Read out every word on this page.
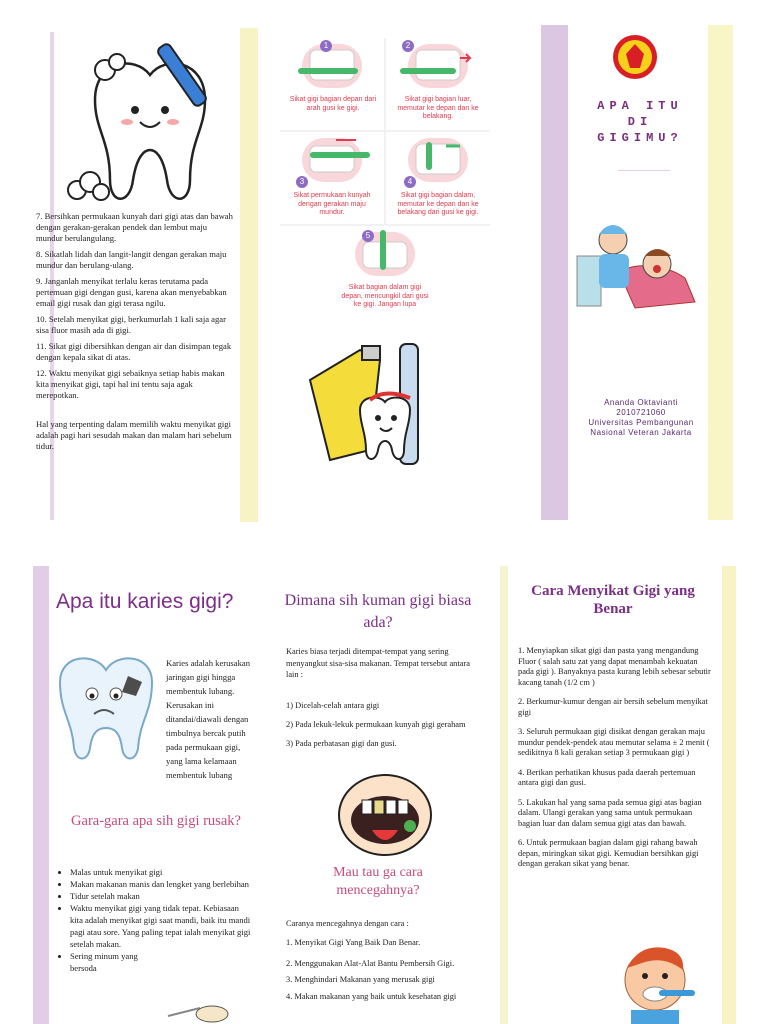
7. Bersihkan permukaan kunyah dari gigi atas dan bawah dengan gerakan-gerakan pendek dan lembut maju mundur berulangulang.
8. Sikatlah lidah dan langit-langit dengan gerakan maju mundur dan berulang-ulang.
9. Janganlah menyikat terlalu keras terutama pada pertemuan gigi dengan gusi, karena akan menyebabkan email gigi rusak dan gigi terasa ngilu.
10. Setelah menyikat gigi, berkumurlah 1 kali saja agar sisa fluor masih ada di gigi.
11. Sikat gigi dibersihkan dengan air dan disimpan tegak dengan kepala sikat di atas.
12. Waktu menyikat gigi sebaiknya setiap habis makan kita menyikat gigi, tapi hal ini tentu saja agak merepotkan.
Hal yang terpenting dalam memilih waktu menyikat gigi adalah pagi hari sesudah makan dan malam hari sebelum tidur.
1
Sikat gigi bagian depan dari arah gusi ke gigi.
2
Sikat gigi bagian luar, memutar ke depan dan ke belakang.
3
Sikat permukaan kunyah dengan gerakan maju mundur.
4
Sikat gigi bagian dalam, memutar ke depan dan ke belakang dari gusi ke gigi.
5
Sikat bagian dalam gigi depan, mencungkil dari gusi ke gigi. Jangan lupa
APA ITU
DI
GIGIMU?
Ananda Oktavianti
2010721060
Universitas Pembangunan
Nasional Veteran Jakarta
Apa itu karies gigi?
Karies adalah kerusakan jaringan gigi hingga membentuk lubang. Kerusakan ini ditandai/diawali dengan timbulnya bercak putih pada permukaan gigi, yang lama kelamaan membentuk lubang
Gara-gara apa sih gigi rusak?
• Malas untuk menyikat gigi
• Makan makanan manis dan lengket yang berlebihan
• Tidur setelah makan
• Waktu menyikat gigi yang tidak tepat. Kebiasaan kita adalah menyikat gigi saat mandi, baik itu mandi pagi atau sore. Yang paling tepat ialah menyikat gigi setelah makan.
• Sering minum yang bersoda
Dimana sih kuman gigi biasa ada?
Karies biasa terjadi ditempat-tempat yang sering menyangkut sisa-sisa makanan. Tempat tersebut antara lain :
1) Dicelah-celah antara gigi
2) Pada lekuk-lekuk permukaan kunyah gigi geraham
3) Pada perbatasan gigi dan gusi.
Mau tau ga cara mencegahnya?
Caranya mencegahnya dengan cara :
1. Menyikat Gigi Yang Baik Dan Benar.
2. Menggunakan Alat-Alat Bantu Pembersih Gigi.
3. Menghindari Makanan yang merusak gigi
4. Makan makanan yang baik untuk kesehatan gigi
Cara Menyikat Gigi yang Benar
1. Menyiapkan sikat gigi dan pasta yang mengandung Fluor ( salah satu zat yang dapat menambah kekuatan pada gigi ). Banyaknya pasta kurang lebih sebesar sebutir kacang tanah (1/2 cm )
2. Berkumur-kumur dengan air bersih sebelum menyikat gigi
3. Seluruh permukaan gigi disikat dengan gerakan maju mundur pendek-pendek atau memutar selama ± 2 menit ( sedikitnya 8 kali gerakan setiap 3 permukaan gigi )
4. Berikan perhatikan khusus pada daerah pertemuan antara gigi dan gusi.
5. Lakukan hal yang sama pada semua gigi atas bagian dalam. Ulangi gerakan yang sama untuk permukaan bagian luar dan dalam semua gigi atas dan bawah.
6. Untuk permukaan bagian dalam gigi rahang bawah depan, miringkan sikat gigi. Kemudian bersihkan gigi dengan gerakan sikat yang benar.
